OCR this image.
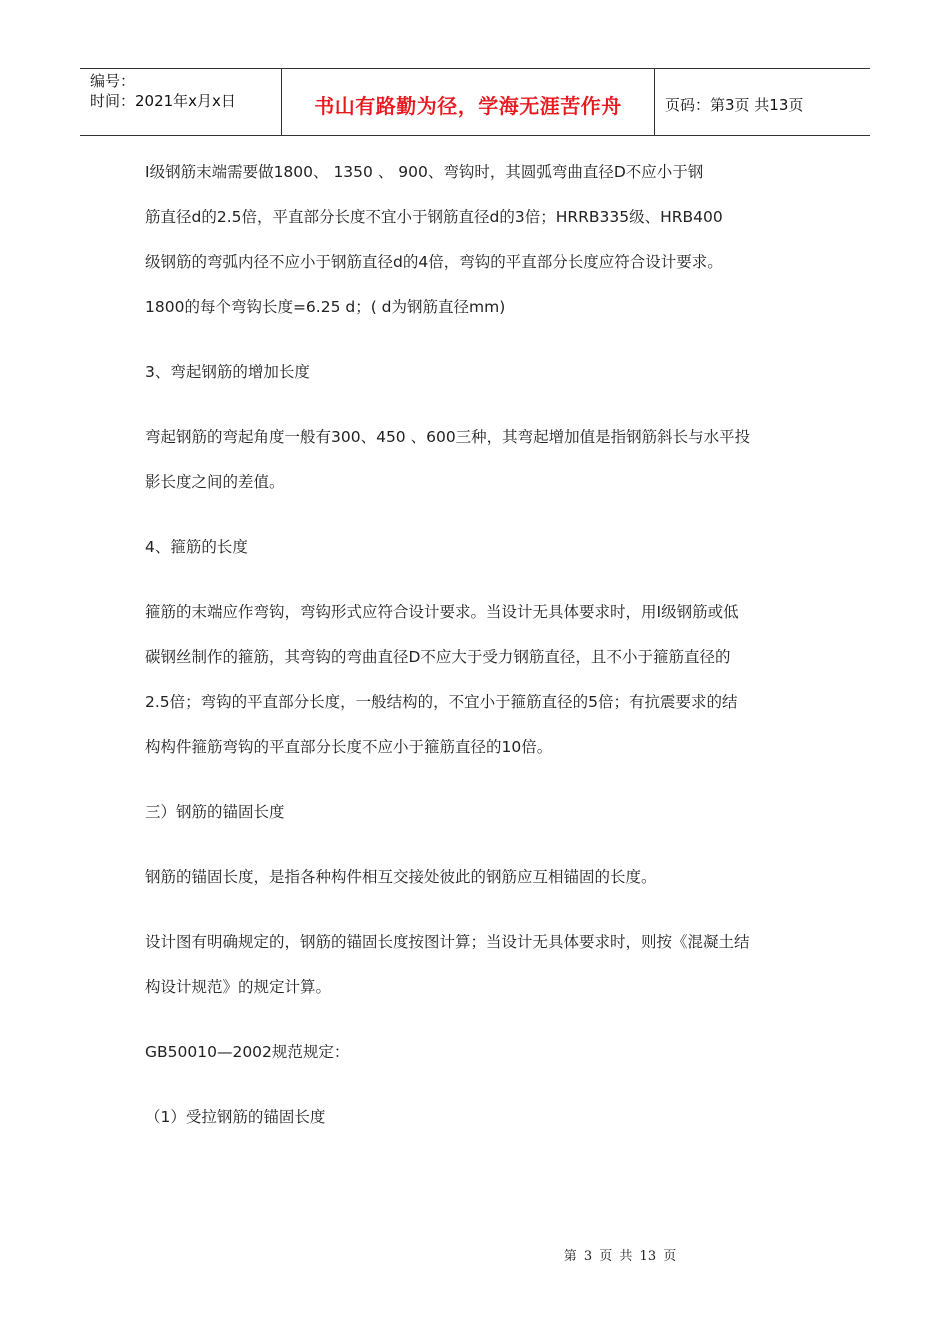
编号：
时间：2021年x月x日	书山有路勤为径，学海无涯苦作舟	页码：第3页 共13页

Ⅰ级钢筋末端需要做1800、 1350 、 900、弯钩时，其圆弧弯曲直径D不应小于钢

筋直径d的2.5倍，平直部分长度不宜小于钢筋直径d的3倍；HRRB335级、HRB400

级钢筋的弯弧内径不应小于钢筋直径d的4倍，弯钩的平直部分长度应符合设计要求。

1800的每个弯钩长度=6.25 d；( d为钢筋直径mm)

3、弯起钢筋的增加长度

弯起钢筋的弯起角度一般有300、450 、600三种，其弯起增加值是指钢筋斜长与水平投

影长度之间的差值。

4、箍筋的长度

箍筋的末端应作弯钩，弯钩形式应符合设计要求。当设计无具体要求时，用Ⅰ级钢筋或低

碳钢丝制作的箍筋，其弯钩的弯曲直径D不应大于受力钢筋直径，且不小于箍筋直径的

2.5倍；弯钩的平直部分长度，一般结构的，不宜小于箍筋直径的5倍；有抗震要求的结

构构件箍筋弯钩的平直部分长度不应小于箍筋直径的10倍。

三）钢筋的锚固长度

钢筋的锚固长度，是指各种构件相互交接处彼此的钢筋应互相锚固的长度。

设计图有明确规定的，钢筋的锚固长度按图计算；当设计无具体要求时，则按《混凝土结

构设计规范》的规定计算。

GB50010—2002规范规定：

（1）受拉钢筋的锚固长度

第 3 页 共 13 页
